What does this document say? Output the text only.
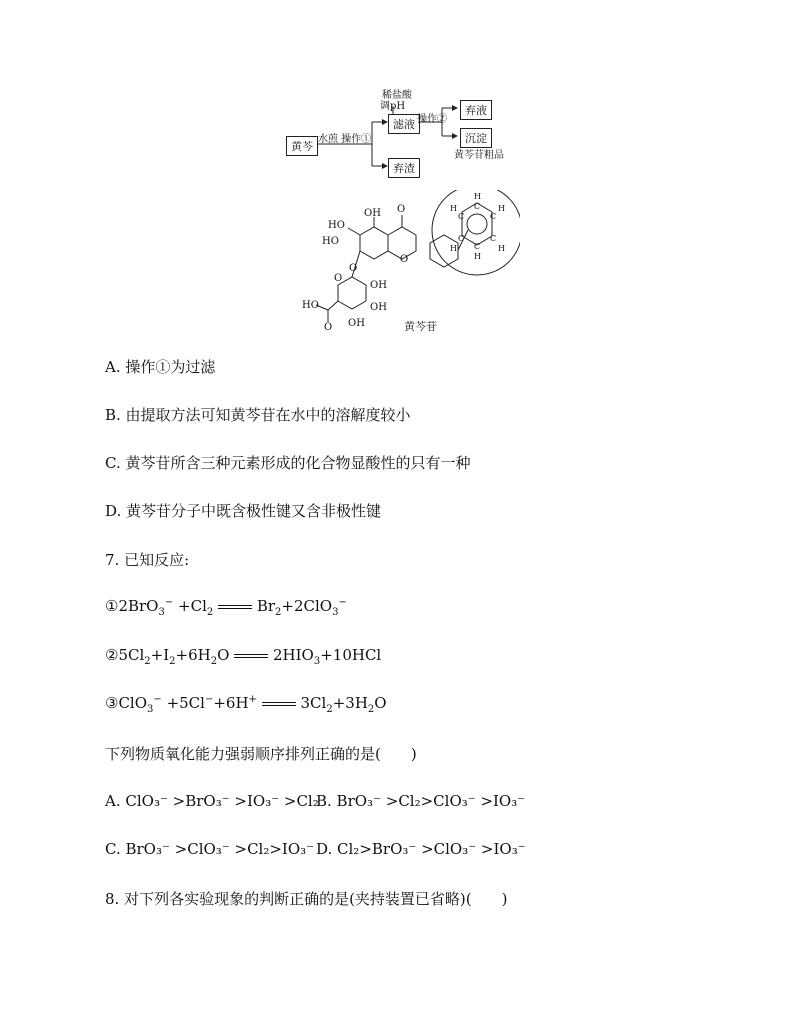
黄芩
水煎 操作①
稀盐酸
调pH
滤液 操作②
弃液
沉淀
黄芩苷粗品
弃渣
HO
OH O
HO
O
O
O
OH
HO
O
OH
OH
H
C
H
C	C
H
H
C	C
H
C
H
黄芩苷
A. 操作①为过滤
B. 由提取方法可知黄芩苷在水中的溶解度较小
C. 黄芩苷所含三种元素形成的化合物显酸性的只有一种
D. 黄芩苷分子中既含极性键又含非极性键
7. 已知反应:
①2BrO$_3$− $+Cl_2$	$Br_2+2ClO_3^-$
$②5Cl_2+I_2+6H_2O$	$2HIO_3+10HCl$
③ClO$_3$− +5Cl−+6H+	$3Cl_2+3H_2O$
下列物质氧化能力强弱顺序排列正确的是(　　)
A. ClO₃⁻ >BrO₃⁻ >IO₃⁻ >Cl₂
B. BrO₃⁻ >Cl₂>ClO₃⁻ >IO₃⁻
C. BrO₃⁻ >ClO₃⁻ >Cl₂>IO₃⁻ D. Cl₂>BrO₃⁻ >ClO₃⁻ >IO₃⁻
8. 对下列各实验现象的判断正确的是(夹持装置已省略)(　　)
